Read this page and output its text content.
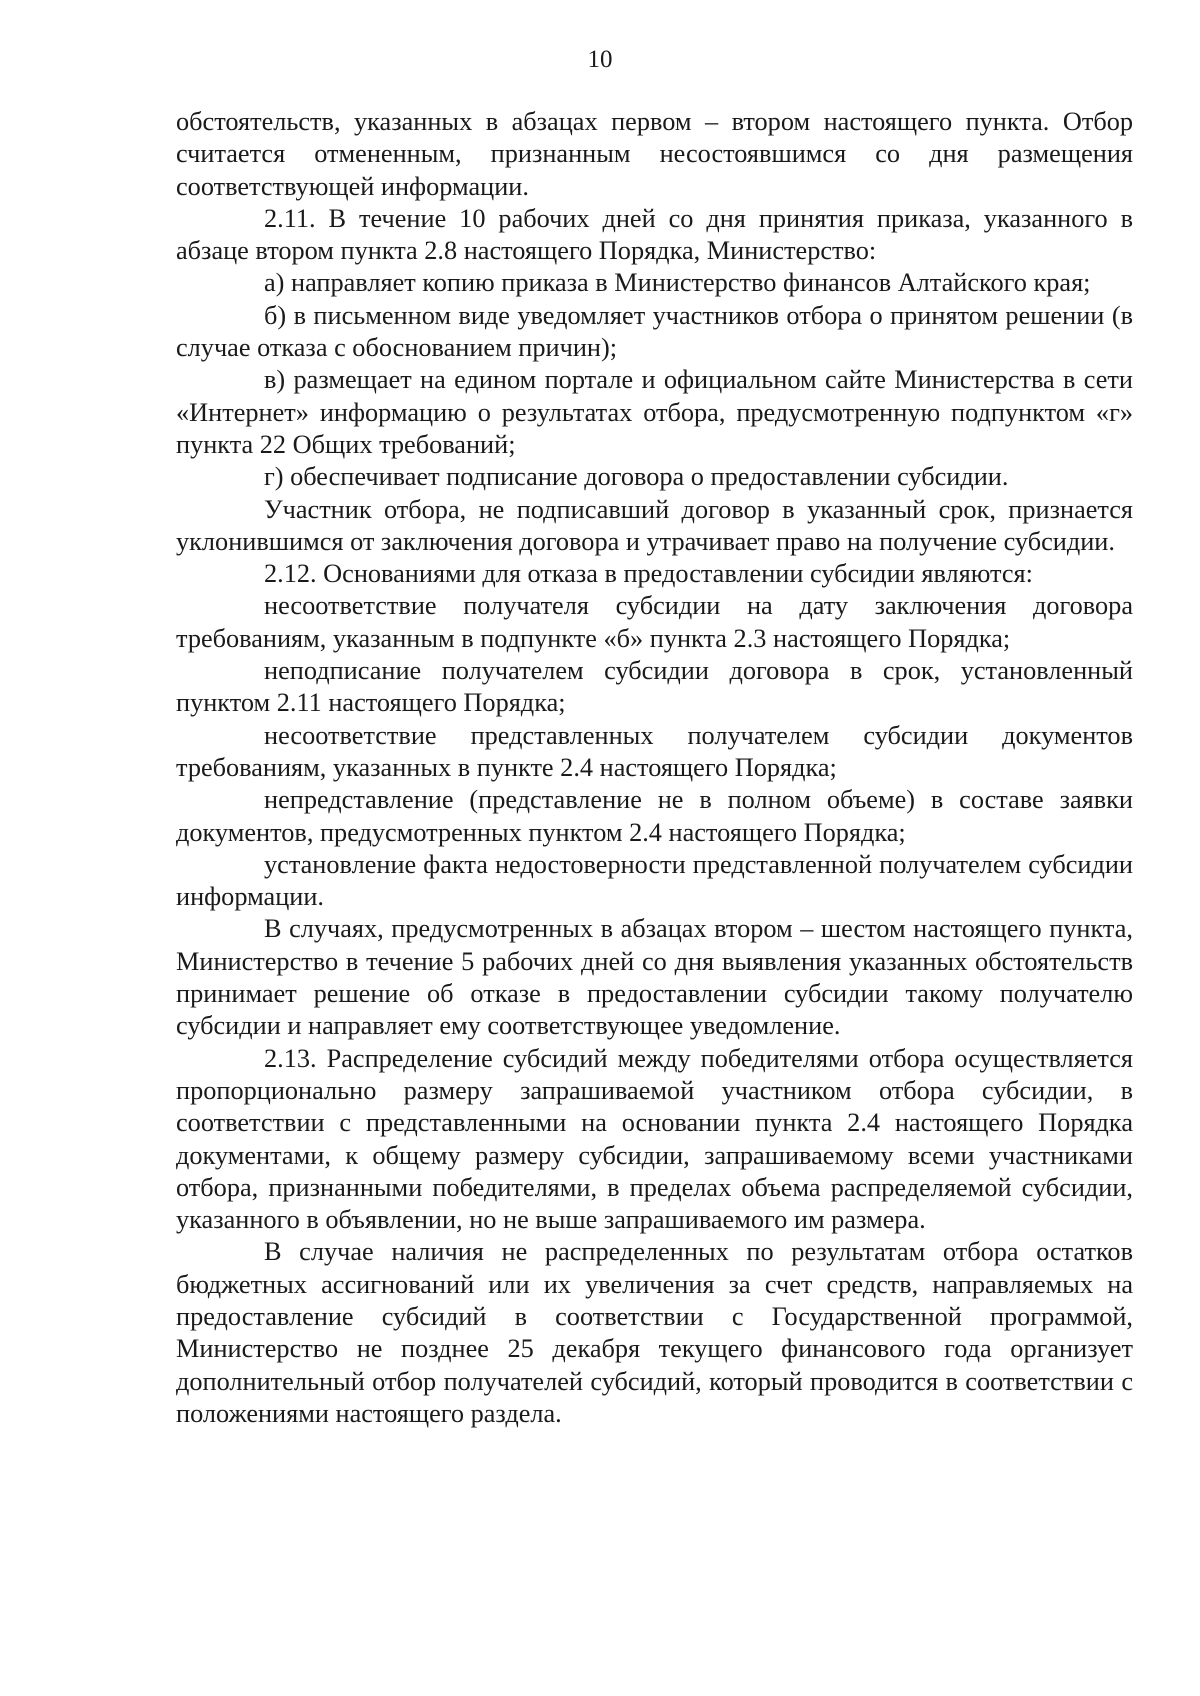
10

обстоятельств, указанных в абзацах первом – втором настоящего пункта. Отбор считается отмененным, признанным несостоявшимся со дня размещения соответствующей информации.

2.11. В течение 10 рабочих дней со дня принятия приказа, указанного в абзаце втором пункта 2.8 настоящего Порядка, Министерство:

а) направляет копию приказа в Министерство финансов Алтайского края;

б) в письменном виде уведомляет участников отбора о принятом решении (в случае отказа с обоснованием причин);

в) размещает на едином портале и официальном сайте Министерства в сети «Интернет» информацию о результатах отбора, предусмотренную подпунктом «г» пункта 22 Общих требований;

г) обеспечивает подписание договора о предоставлении субсидии.

Участник отбора, не подписавший договор в указанный срок, признается уклонившимся от заключения договора и утрачивает право на получение субсидии.

2.12. Основаниями для отказа в предоставлении субсидии являются:

несоответствие получателя субсидии на дату заключения договора требованиям, указанным в подпункте «б» пункта 2.3 настоящего Порядка;

неподписание получателем субсидии договора в срок, установленный пунктом 2.11 настоящего Порядка;

несоответствие представленных получателем субсидии документов требованиям, указанных в пункте 2.4 настоящего Порядка;

непредставление (представление не в полном объеме) в составе заявки документов, предусмотренных пунктом 2.4 настоящего Порядка;

установление факта недостоверности представленной получателем субсидии информации.

В случаях, предусмотренных в абзацах втором – шестом настоящего пункта, Министерство в течение 5 рабочих дней со дня выявления указанных обстоятельств принимает решение об отказе в предоставлении субсидии такому получателю субсидии и направляет ему соответствующее уведомление.

2.13. Распределение субсидий между победителями отбора осуществляется пропорционально размеру запрашиваемой участником отбора субсидии, в соответствии с представленными на основании пункта 2.4 настоящего Порядка документами, к общему размеру субсидии, запрашиваемому всеми участниками отбора, признанными победителями, в пределах объема распределяемой субсидии, указанного в объявлении, но не выше запрашиваемого им размера.

В случае наличия не распределенных по результатам отбора остатков бюджетных ассигнований или их увеличения за счет средств, направляемых на предоставление субсидий в соответствии с Государственной программой, Министерство не позднее 25 декабря текущего финансового года организует дополнительный отбор получателей субсидий, который проводится в соответствии с положениями настоящего раздела.
